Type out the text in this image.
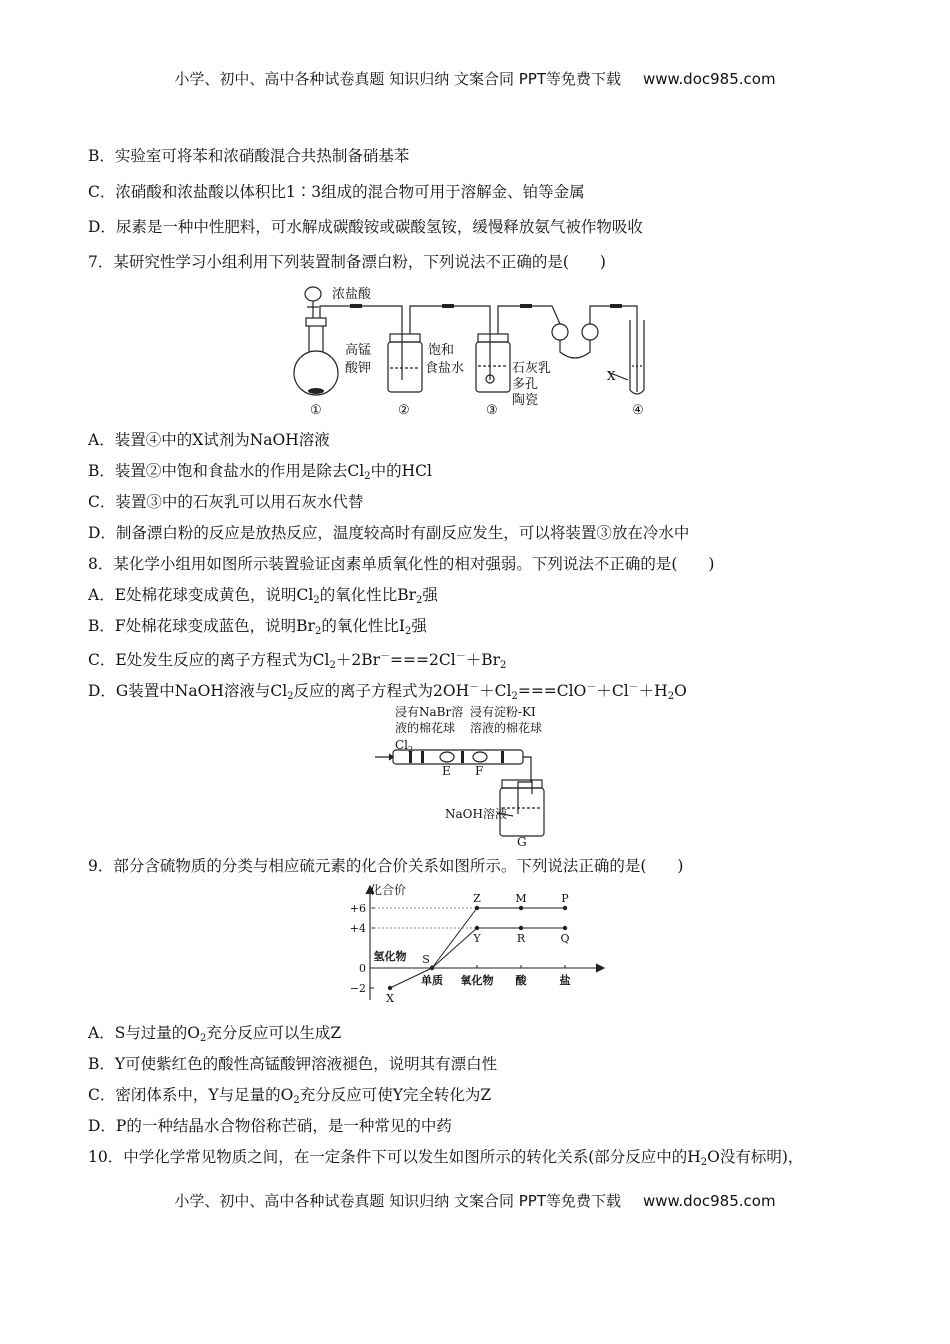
小学、初中、高中各种试卷真题 知识归纳 文案合同 PPT等免费下载 www.doc985.com
B．实验室可将苯和浓硝酸混合共热制备硝基苯
C．浓硝酸和浓盐酸以体积比1∶3组成的混合物可用于溶解金、铂等金属
D．尿素是一种中性肥料，可水解成碳酸铵或碳酸氢铵，缓慢释放氨气被作物吸收
7．某研究性学习小组利用下列装置制备漂白粉，下列说法不正确的是(　　)
浓盐酸
高锰
酸钾
饱和
食盐水	石灰乳
多孔
陶瓷
X
①	②	③	④
A．装置④中的X试剂为NaOH溶液
B．装置②中饱和食盐水的作用是除去$Cl_2$中的HCl
C．装置③中的石灰乳可以用石灰水代替
D．制备漂白粉的反应是放热反应，温度较高时有副反应发生，可以将装置③放在冷水中
8．某化学小组用如图所示装置验证卤素单质氧化性的相对强弱。下列说法不正确的是(　　)
A．E处棉花球变成黄色，说明$Cl_2$的氧化性比$Br_2$强
B．F处棉花球变成蓝色，说明$Br_2$的氧化性比$I_2$强
C．E处发生反应的离子方程式为$Cl_2+2Br^-===2Cl^-+Br_2$
D．G装置中NaOH溶液与$Cl_2$反应的离子方程式为$2OH^-+Cl_2===ClO^-+Cl^-+H_2O$
浸有NaBr溶
液的棉花球
浸有淀粉-KI
溶液的棉花球
$Cl_2$
E F
NaOH溶液
G
9．部分含硫物质的分类与相应硫元素的化合价关系如图所示。下列说法正确的是(　　)
化合价
+6
+4
0
−2
氢化物
单质 氧化物 酸	盐
X
S
Z	M	P
Y	R	Q
A．S与过量的$O_2$充分反应可以生成Z
B．Y可使紫红色的酸性高锰酸钾溶液褪色，说明其有漂白性
C．密闭体系中，Y与足量的$O_2$充分反应可使Y完全转化为Z
D．P的一种结晶水合物俗称芒硝，是一种常见的中药
10．中学化学常见物质之间，在一定条件下可以发生如图所示的转化关系(部分反应中的$H_2O$没有标明)，
小学、初中、高中各种试卷真题 知识归纳 文案合同 PPT等免费下载 www.doc985.com
